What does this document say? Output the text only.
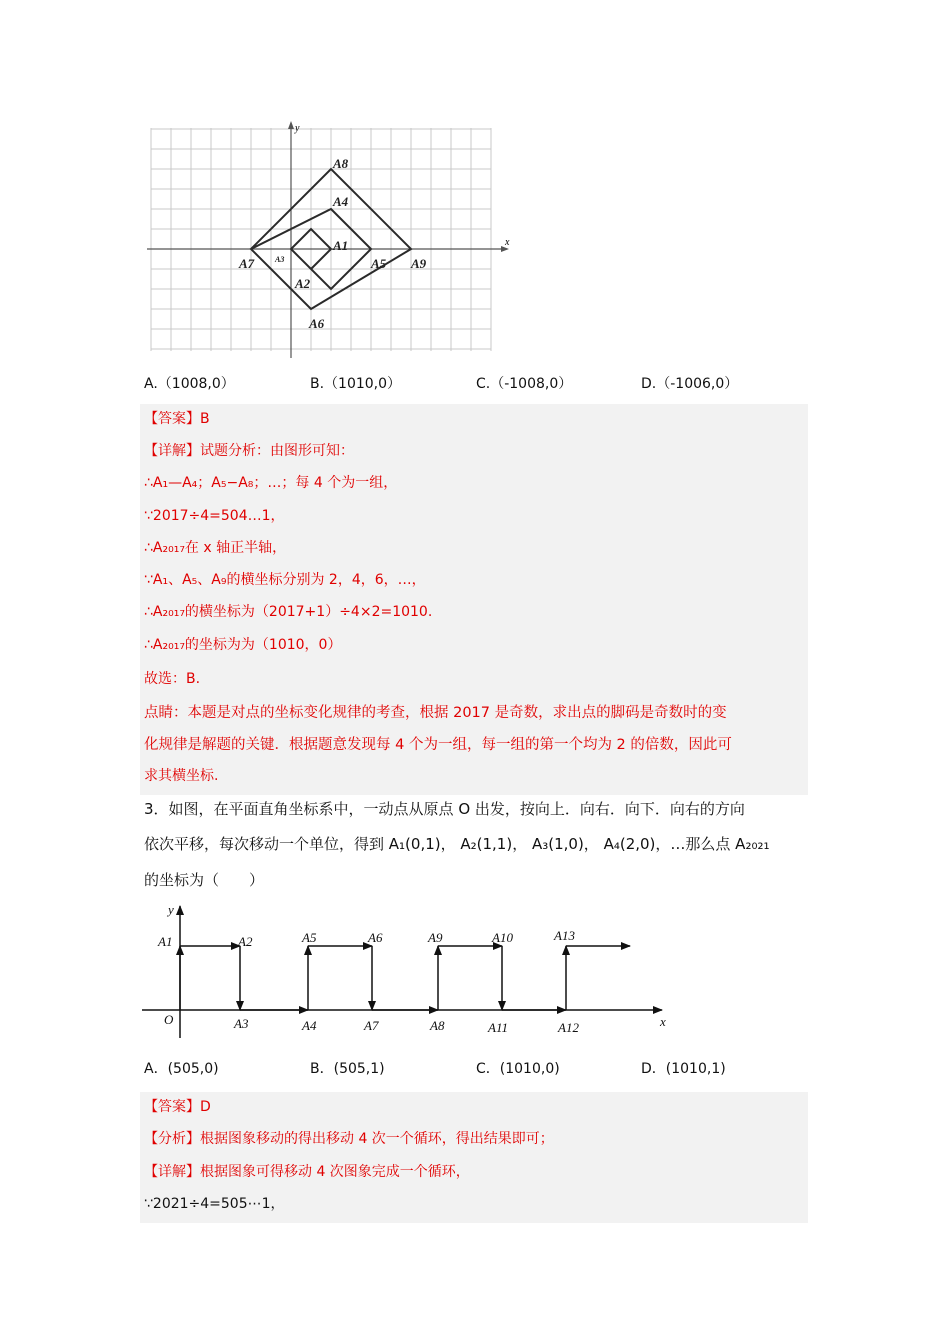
x
y
A8
A4
A1
A5 A9
A7	A3
A2
A6
A.（1008,0）	B.（1010,0）	C.（-1008,0）	D.（-1006,0）
【答案】B
【详解】试题分析：由图形可知：
∴A₁—A₄；A₅−A₈；…；每 4 个为一组，
∵2017÷4=504…1，
∴A₂₀₁₇在 x 轴正半轴，
∵A₁、A₅、A₉的横坐标分别为 2，4，6，…，
∴A₂₀₁₇的横坐标为（2017+1）÷4×2=1010.
∴A₂₀₁₇的坐标为为（1010，0）
故选：B.
点睛：本题是对点的坐标变化规律的考查，根据 2017 是奇数，求出点的脚码是奇数时的变
化规律是解题的关键．根据题意发现每 4 个为一组，每一组的第一个均为 2 的倍数，因此可
求其横坐标.
3．如图，在平面直角坐标系中，一动点从原点 O 出发，按向上．向右．向下．向右的方向
依次平移，每次移动一个单位，得到 A₁(0,1)， A₂(1,1)， A₃(1,0)， A₄(2,0)，…那么点 A₂₀₂₁
的坐标为（　　）
y
x
O
A1	A2	A5	A6	A9	A10	A13
A3	A4	A7	A8	A11	A12
A．(505,0)	B．(505,1)	C．(1010,0)	D．(1010,1)
【答案】D
【分析】根据图象移动的得出移动 4 次一个循环，得出结果即可；
【详解】根据图象可得移动 4 次图象完成一个循环，
∵2021÷4=505⋯1，
